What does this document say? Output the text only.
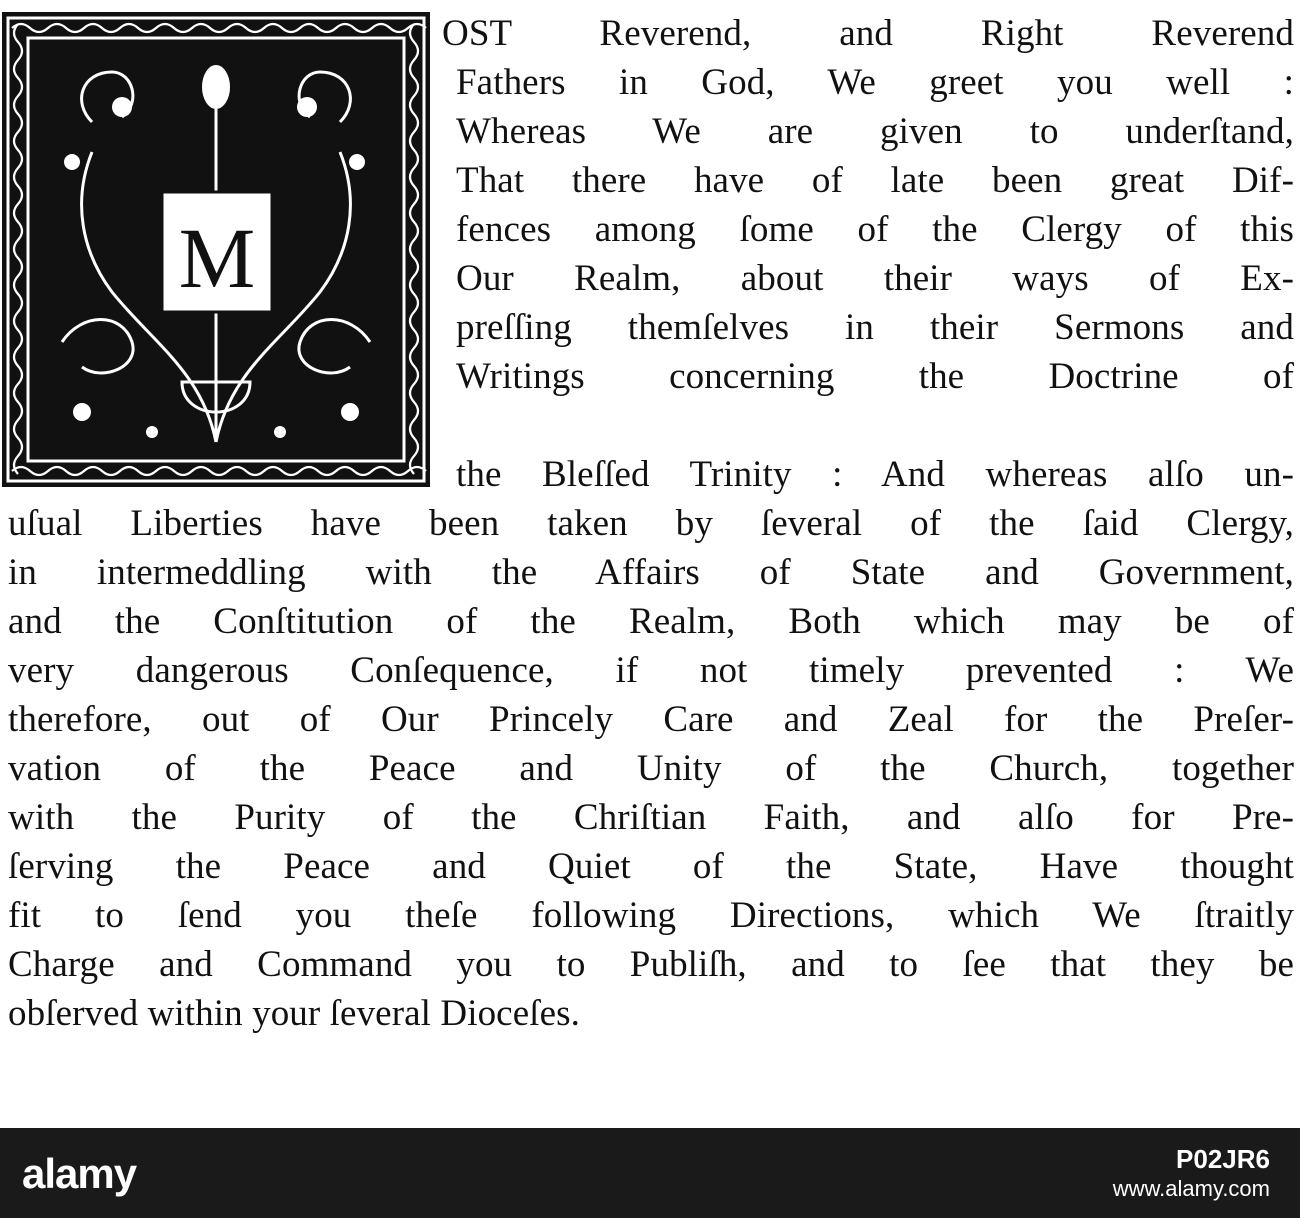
M
OST Reverend, and Right Reverend
Fathers in God, We greet you well :
Whereas We are given to underſtand,
That there have of late been great Dif-
fences among ſome of the Clergy of this
Our Realm, about their ways of Ex-
preſſing themſelves in their Sermons and
Writings concerning the Doctrine of
the Bleſſed Trinity : And whereas alſo un-
uſual Liberties have been taken by ſeveral of the ſaid Clergy,
in intermeddling with the Affairs of State and Government,
and the Conſtitution of the Realm, Both which may be of
very dangerous Conſequence, if not timely prevented : We
therefore, out of Our Princely Care and Zeal for the Preſer-
vation of the Peace and Unity of the Church, together
with the Purity of the Chriſtian Faith, and alſo for Pre-
ſerving the Peace and Quiet of the State, Have thought
fit to ſend you theſe following Directions, which We ſtraitly
Charge and Command you to Publiſh, and to ſee that they be
obſerved within your ſeveral Dioceſes.
alamy	P02JR6
www.alamy.com
